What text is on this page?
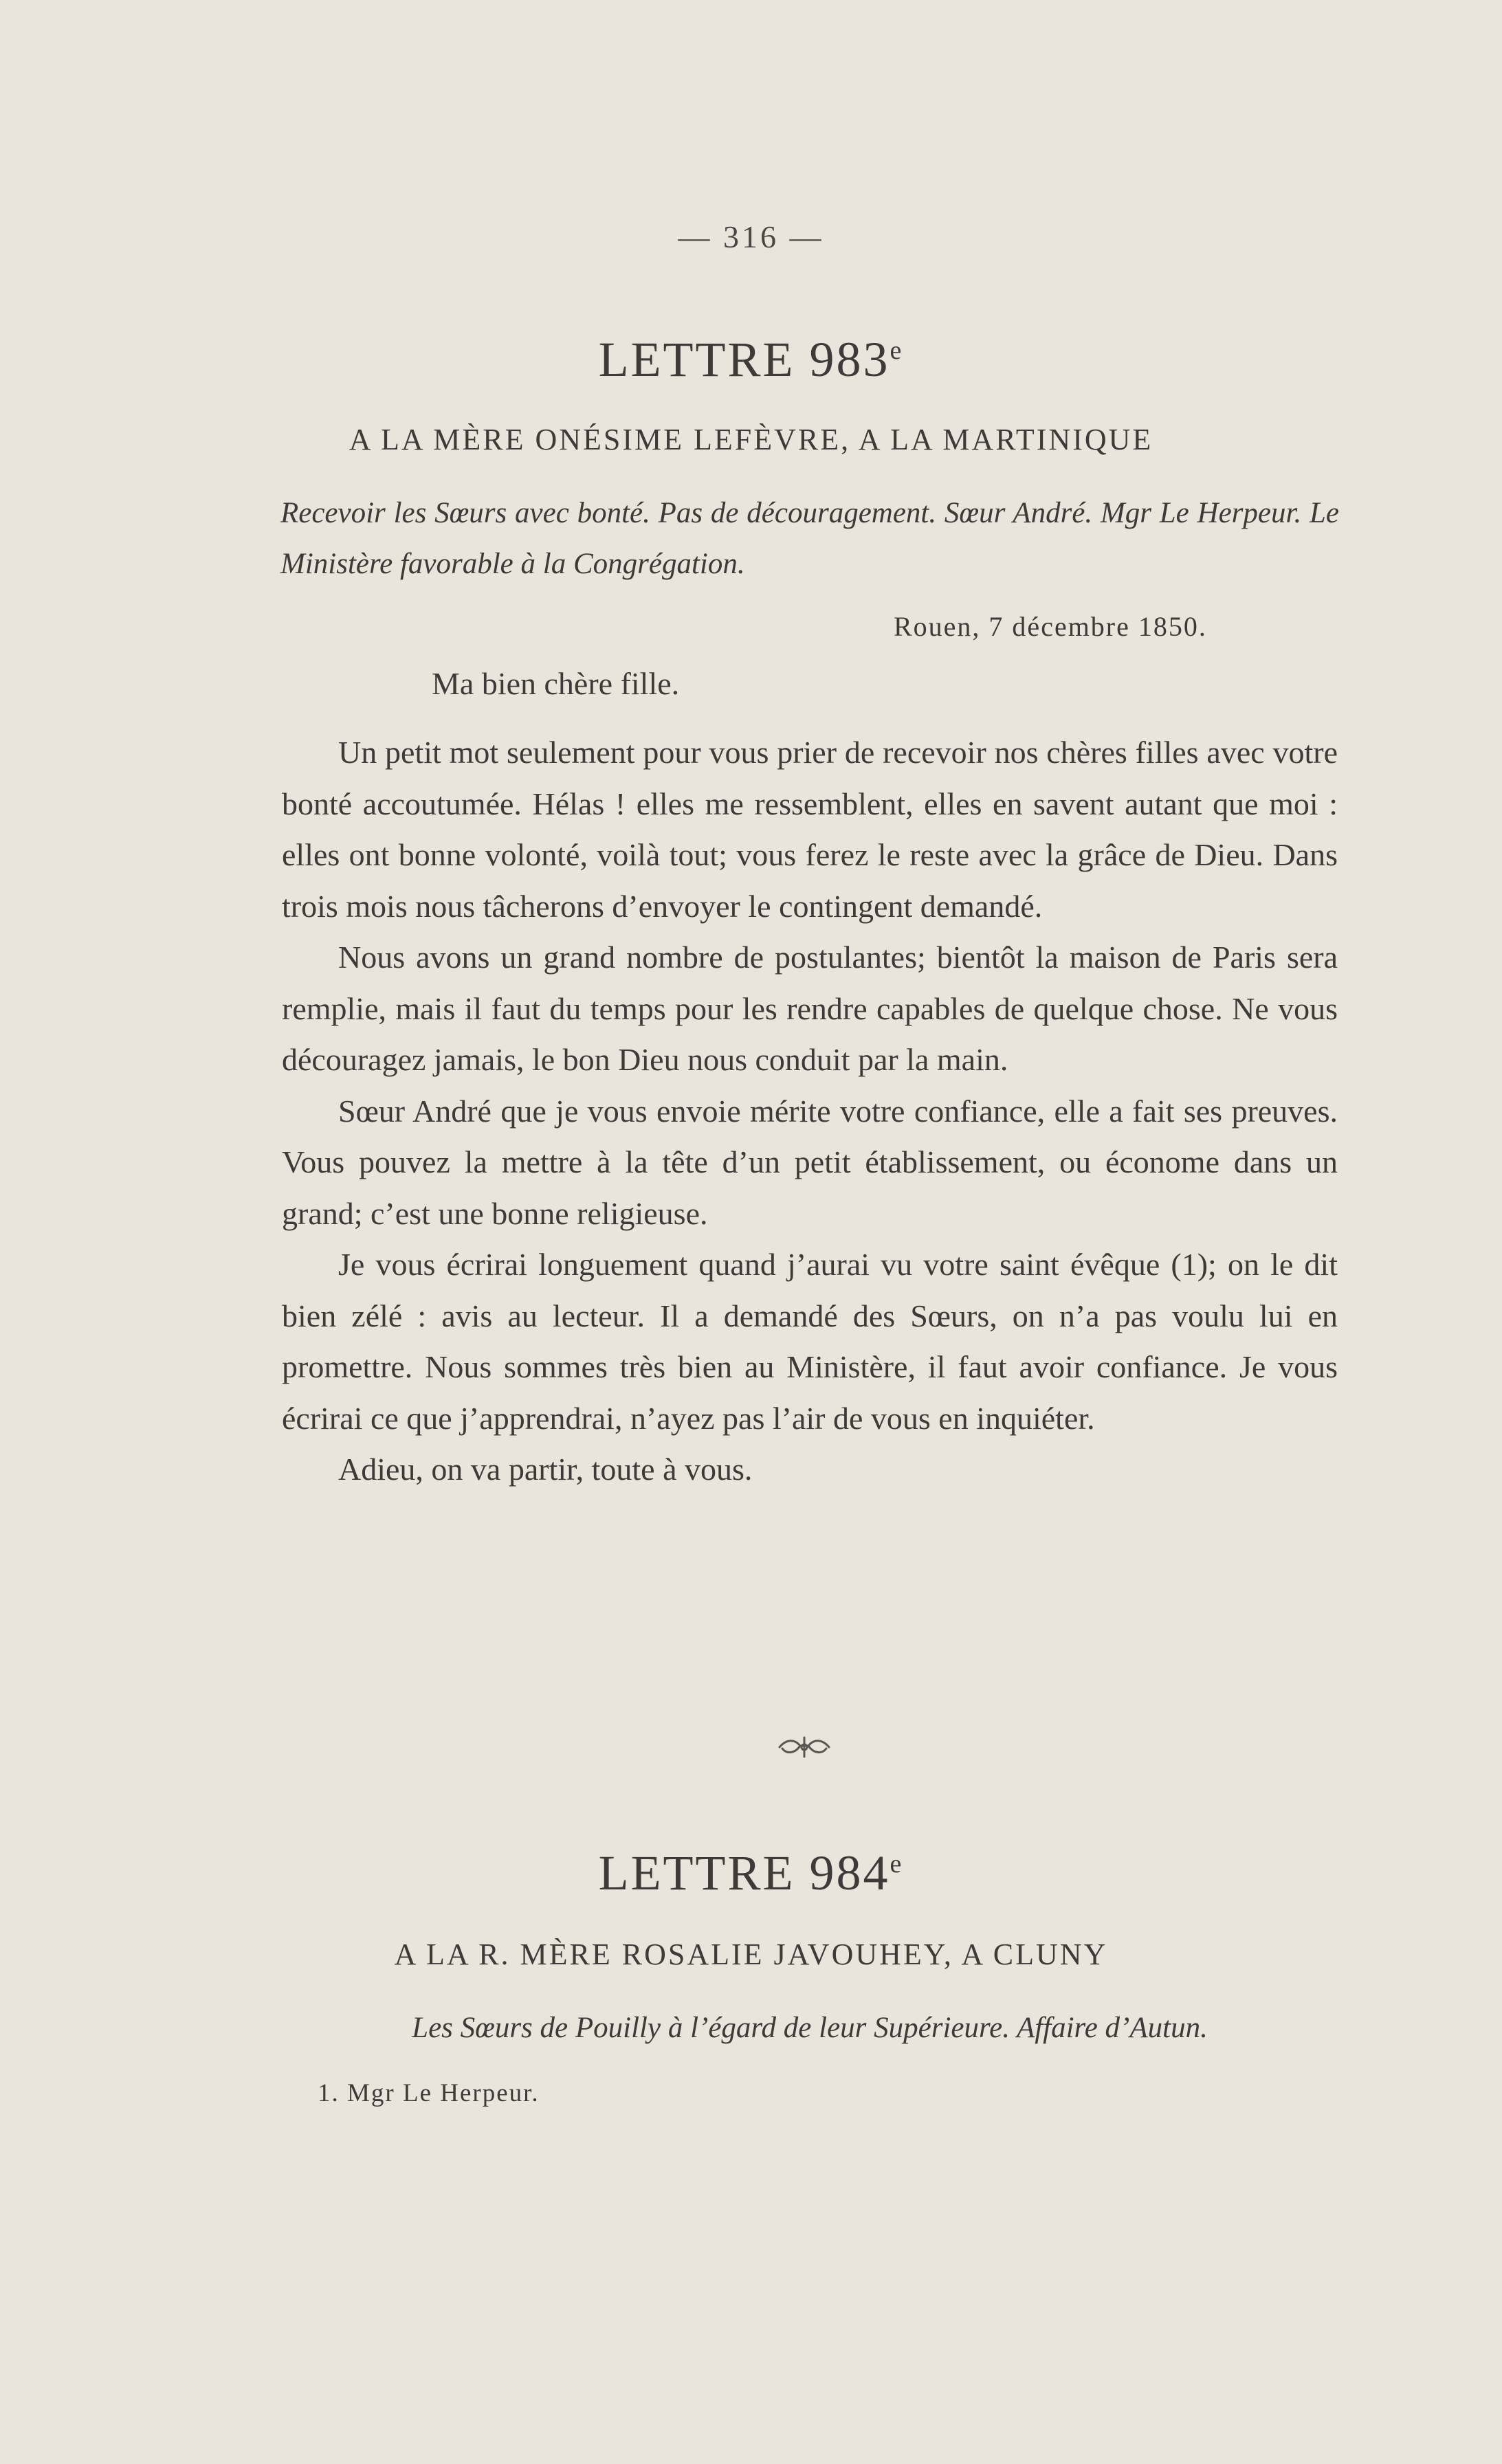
— 316 —
LETTRE 983e
A LA MÈRE ONÉSIME LEFÈVRE, A LA MARTINIQUE
Recevoir les Sœurs avec bonté. Pas de découragement. Sœur André. Mgr Le Herpeur. Le Ministère favorable à la Congrégation.
Rouen, 7 décembre 1850.
Ma bien chère fille.

Un petit mot seulement pour vous prier de recevoir nos chères filles avec votre bonté accoutumée. Hélas ! elles me ressemblent, elles en savent autant que moi : elles ont bonne volonté, voilà tout; vous ferez le reste avec la grâce de Dieu. Dans trois mois nous tâcherons d’envoyer le contingent demandé.

Nous avons un grand nombre de postulantes; bientôt la maison de Paris sera remplie, mais il faut du temps pour les rendre capables de quelque chose. Ne vous découragez jamais, le bon Dieu nous conduit par la main.

Sœur André que je vous envoie mérite votre confiance, elle a fait ses preuves. Vous pouvez la mettre à la tête d’un petit établissement, ou économe dans un grand; c’est une bonne religieuse.

Je vous écrirai longuement quand j’aurai vu votre saint évêque (1); on le dit bien zélé : avis au lecteur. Il a demandé des Sœurs, on n’a pas voulu lui en promettre. Nous sommes très bien au Ministère, il faut avoir confiance. Je vous écrirai ce que j’apprendrai, n’ayez pas l’air de vous en inquiéter.

Adieu, on va partir, toute à vous.

LETTRE 984e
A LA R. MÈRE ROSALIE JAVOUHEY, A CLUNY
Les Sœurs de Pouilly à l’égard de leur Supérieure. Affaire d’Autun.
1. Mgr Le Herpeur.
